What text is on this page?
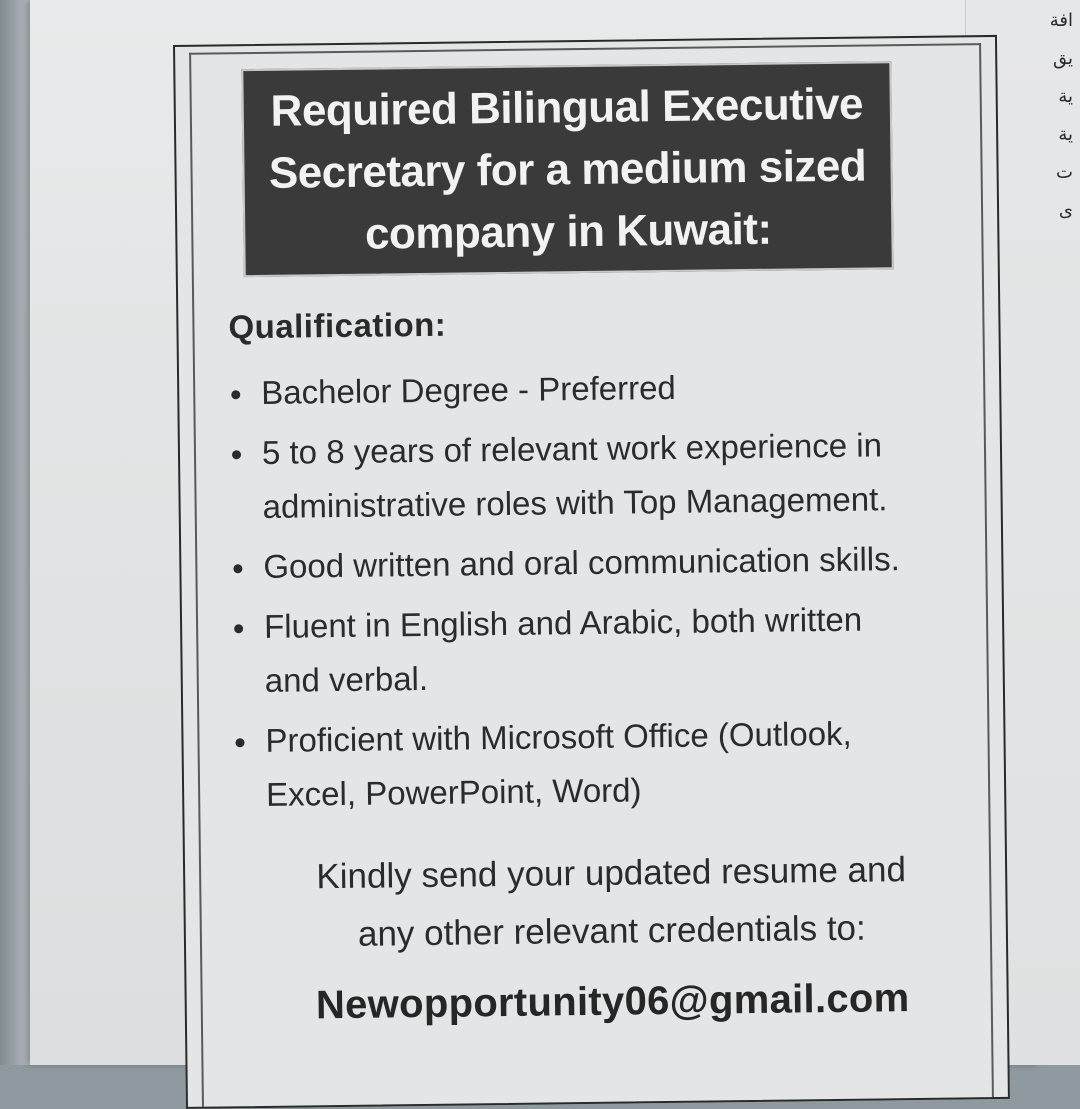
افة
يق
ية
ية
ت
ى
Required Bilingual Executive
Secretary for a medium sized
company in Kuwait:
Qualification:
Bachelor Degree - Preferred
5 to 8 years of relevant work experience in
administrative roles with Top Management.
Good written and oral communication skills.
Fluent in English and Arabic, both written
and verbal.
Proficient with Microsoft Office (Outlook,
Excel, PowerPoint, Word)
Kindly send your updated resume and
any other relevant credentials to:
Newopportunity06@gmail.com
